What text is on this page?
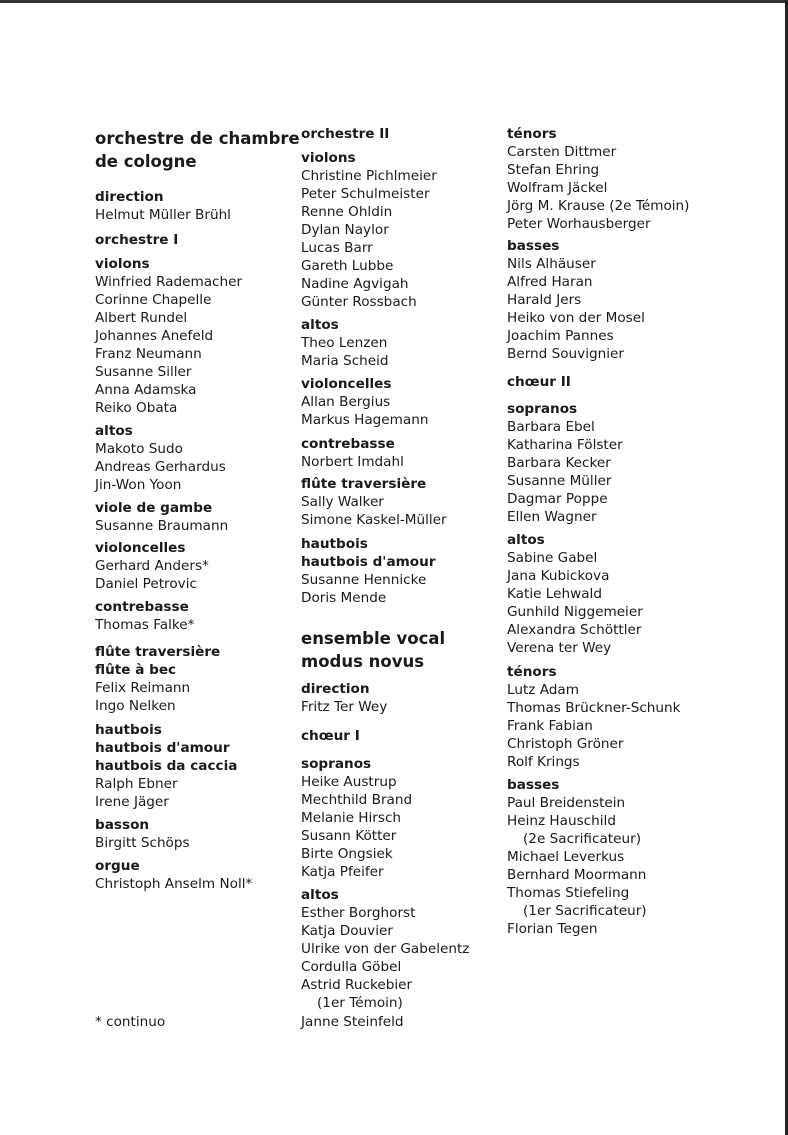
orchestre de chambre
de cologne
direction
Helmut Müller Brühl
orchestre I
violons
Winfried Rademacher
Corinne Chapelle
Albert Rundel
Johannes Anefeld
Franz Neumann
Susanne Siller
Anna Adamska
Reiko Obata
altos
Makoto Sudo
Andreas Gerhardus
Jin-Won Yoon
viole de gambe
Susanne Braumann
violoncelles
Gerhard Anders*
Daniel Petrovic
contrebasse
Thomas Falke*
flûte traversière
flûte à bec
Felix Reimann
Ingo Nelken
hautbois
hautbois d'amour
hautbois da caccia
Ralph Ebner
Irene Jäger
basson
Birgitt Schöps
orgue
Christoph Anselm Noll*
orchestre II
violons
Christine Pichlmeier
Peter Schulmeister
Renne Ohldin
Dylan Naylor
Lucas Barr
Gareth Lubbe
Nadine Agvigah
Günter Rossbach
altos
Theo Lenzen
Maria Scheid
violoncelles
Allan Bergius
Markus Hagemann
contrebasse
Norbert Imdahl
flûte traversière
Sally Walker
Simone Kaskel-Müller
hautbois
hautbois d'amour
Susanne Hennicke
Doris Mende
ensemble vocal
modus novus
direction
Fritz Ter Wey
chœur I
sopranos
Heike Austrup
Mechthild Brand
Melanie Hirsch
Susann Kötter
Birte Ongsiek
Katja Pfeifer
altos
Esther Borghorst
Katja Douvier
Ulrike von der Gabelentz
Cordulla Göbel
Astrid Ruckebier
(1er Témoin)
Janne Steinfeld
ténors
Carsten Dittmer
Stefan Ehring
Wolfram Jäckel
Jörg M. Krause (2e Témoin)
Peter Worhausberger
basses
Nils Alhäuser
Alfred Haran
Harald Jers
Heiko von der Mosel
Joachim Pannes
Bernd Souvignier
chœur II
sopranos
Barbara Ebel
Katharina Fölster
Barbara Kecker
Susanne Müller
Dagmar Poppe
Ellen Wagner
altos
Sabine Gabel
Jana Kubickova
Katie Lehwald
Gunhild Niggemeier
Alexandra Schöttler
Verena ter Wey
ténors
Lutz Adam
Thomas Brückner-Schunk
Frank Fabian
Christoph Gröner
Rolf Krings
basses
Paul Breidenstein
Heinz Hauschild
(2e Sacrificateur)
Michael Leverkus
Bernhard Moormann
Thomas Stiefeling
(1er Sacrificateur)
Florian Tegen
* continuo
